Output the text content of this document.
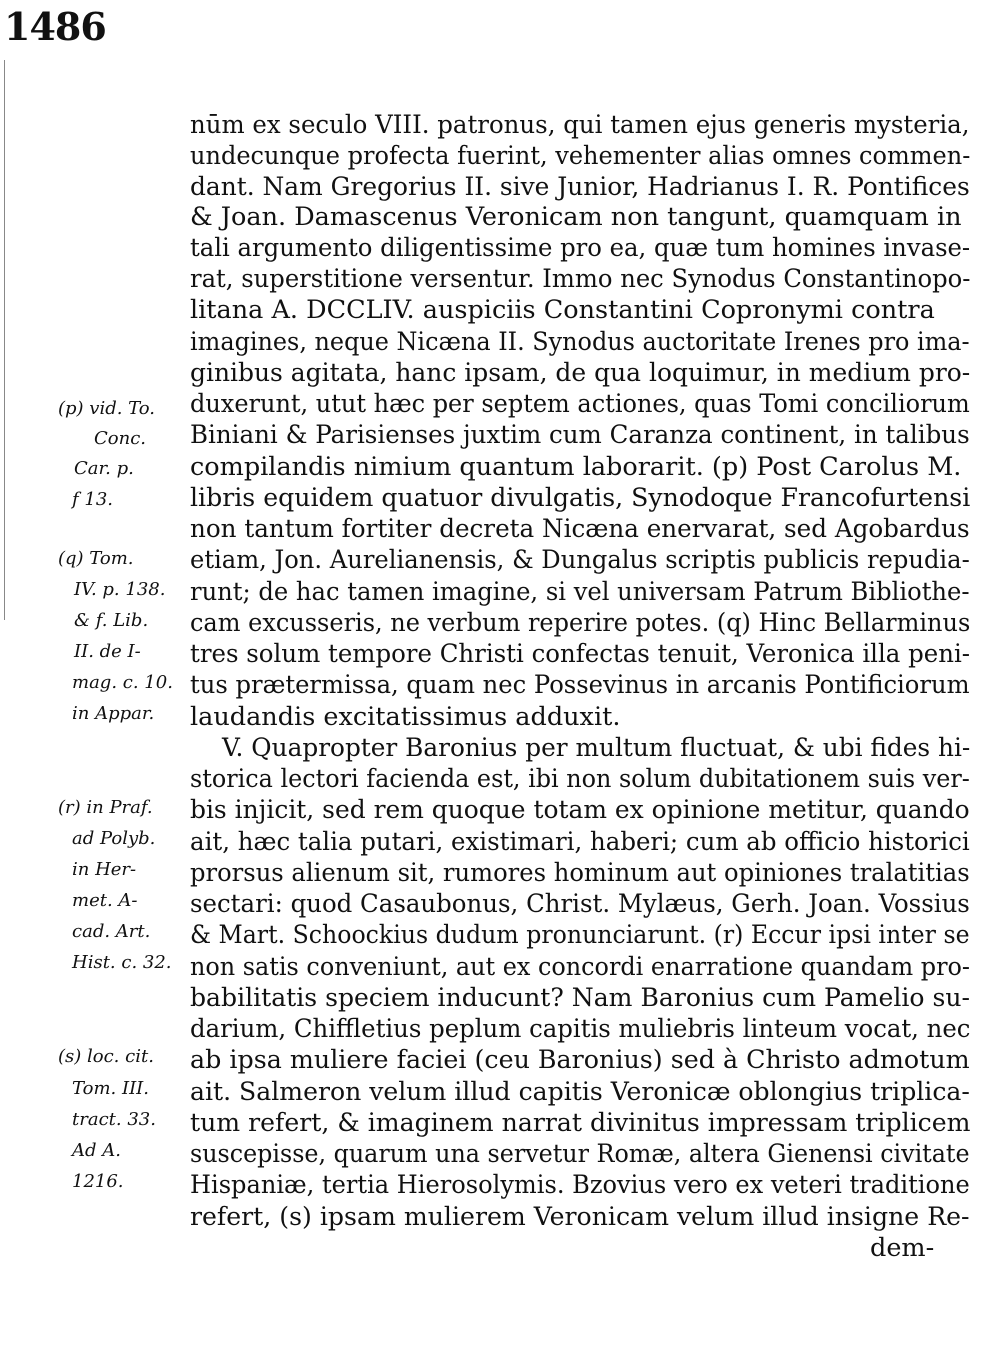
1486

nūm ex seculo VIII. patronus, qui tamen ejus generis mysteria,

undecunque profecta fuerint, vehementer alias omnes commen-

dant. Nam Gregorius II. sive Junior, Hadrianus I. R. Pontifices

& Joan. Damascenus Veronicam non tangunt, quamquam in

tali argumento diligentissime pro ea, quæ tum homines invase-

rat, superstitione versentur. Immo nec Synodus Constantinopo-

litana A. DCCLIV. auspiciis Constantini Copronymi contra

imagines, neque Nicæna II. Synodus auctoritate Irenes pro ima-

ginibus agitata, hanc ipsam, de qua loquimur, in medium pro-

duxerunt, utut hæc per septem actiones, quas Tomi conciliorum

Biniani & Parisienses juxtim cum Caranza continent, in talibus

compilandis nimium quantum laborarit. (p) Post Carolus M.

libris equidem quatuor divulgatis, Synodoque Francofurtensi

non tantum fortiter decreta Nicæna enervarat, sed Agobardus

etiam, Jon. Aurelianensis, & Dungalus scriptis publicis repudia-

runt; de hac tamen imagine, si vel universam Patrum Bibliothe-

cam excusseris, ne verbum reperire potes. (q) Hinc Bellarminus

tres solum tempore Christi confectas tenuit, Veronica illa peni-

tus prætermissa, quam nec Possevinus in arcanis Pontificiorum

laudandis excitatissimus adduxit.

V. Quapropter Baronius per multum fluctuat, & ubi fides hi-

storica lectori facienda est, ibi non solum dubitationem suis ver-

bis injicit, sed rem quoque totam ex opinione metitur, quando

ait, hæc talia putari, existimari, haberi; cum ab officio historici

prorsus alienum sit, rumores hominum aut opiniones tralatitias

sectari: quod Casaubonus, Christ. Mylæus, Gerh. Joan. Vossius

& Mart. Schoockius dudum pronunciarunt. (r) Eccur ipsi inter se

non satis conveniunt, aut ex concordi enarratione quandam pro-

babilitatis speciem inducunt? Nam Baronius cum Pamelio su-

darium, Chiffletius peplum capitis muliebris linteum vocat, nec

ab ipsa muliere faciei (ceu Baronius) sed à Christo admotum

ait. Salmeron velum illud capitis Veronicæ oblongius triplica-

tum refert, & imaginem narrat divinitus impressam triplicem

suscepisse, quarum una servetur Romæ, altera Gienensi civitate

Hispaniæ, tertia Hierosolymis. Bzovius vero ex veteri traditione

refert, (s) ipsam mulierem Veronicam velum illud insigne Re-

dem-

(p) vid. To.

Conc.

Car. p.

f 13.

(q) Tom.

IV. p. 138.

& f. Lib.

II. de I-

mag. c. 10.

in Appar.

(r) in Praf.

ad Polyb.

in Her-

met. A-

cad. Art.

Hist. c. 32.

(s) loc. cit.

Tom. III.

tract. 33.

Ad A.

1216.
